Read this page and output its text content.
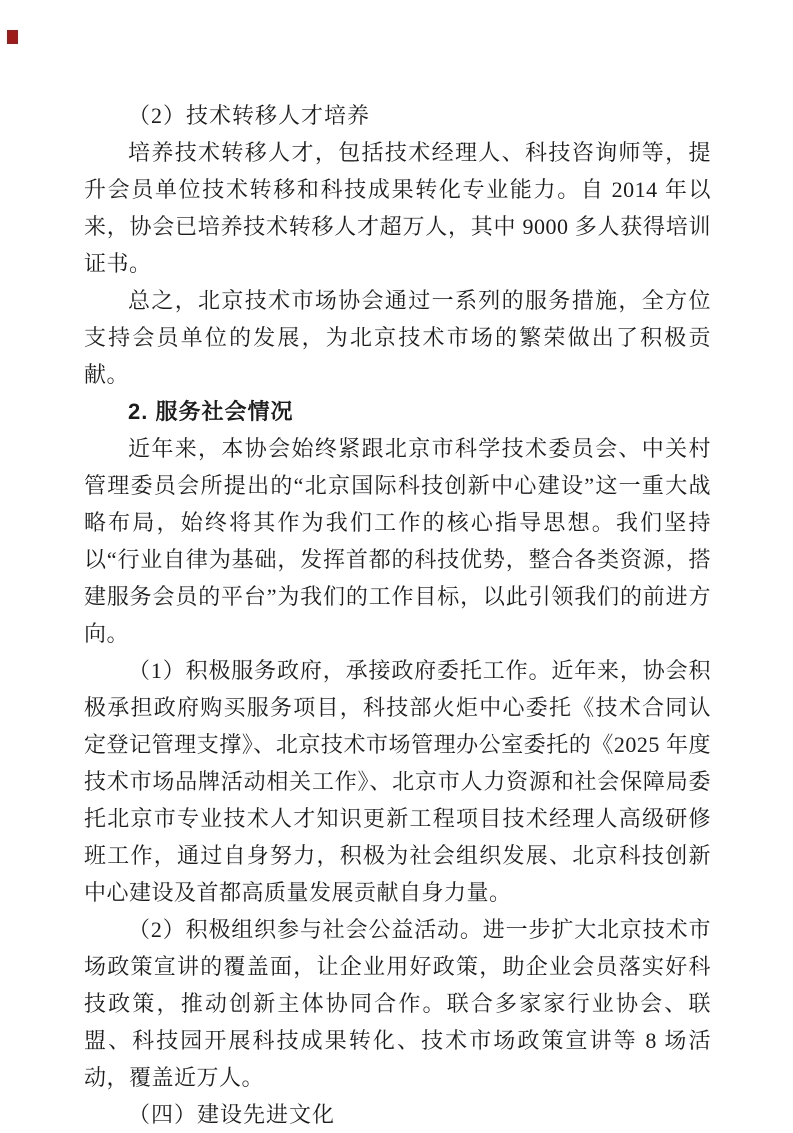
（2）技术转移人才培养

培养技术转移人才，包括技术经理人、科技咨询师等，提升会员单位技术转移和科技成果转化专业能力。自 2014 年以来，协会已培养技术转移人才超万人，其中 9000 多人获得培训证书。

总之，北京技术市场协会通过一系列的服务措施，全方位支持会员单位的发展，为北京技术市场的繁荣做出了积极贡献。

2. 服务社会情况

近年来，本协会始终紧跟北京市科学技术委员会、中关村管理委员会所提出的“北京国际科技创新中心建设”这一重大战略布局，始终将其作为我们工作的核心指导思想。我们坚持以“行业自律为基础，发挥首都的科技优势，整合各类资源，搭建服务会员的平台”为我们的工作目标，以此引领我们的前进方向。

（1）积极服务政府，承接政府委托工作。近年来，协会积极承担政府购买服务项目，科技部火炬中心委托《技术合同认定登记管理支撑》、北京技术市场管理办公室委托的《2025 年度技术市场品牌活动相关工作》、北京市人力资源和社会保障局委托北京市专业技术人才知识更新工程项目技术经理人高级研修班工作，通过自身努力，积极为社会组织发展、北京科技创新中心建设及首都高质量发展贡献自身力量。

（2）积极组织参与社会公益活动。进一步扩大北京技术市场政策宣讲的覆盖面，让企业用好政策，助企业会员落实好科技政策，推动创新主体协同合作。联合多家家行业协会、联盟、科技园开展科技成果转化、技术市场政策宣讲等 8 场活动，覆盖近万人。

（四）建设先进文化
